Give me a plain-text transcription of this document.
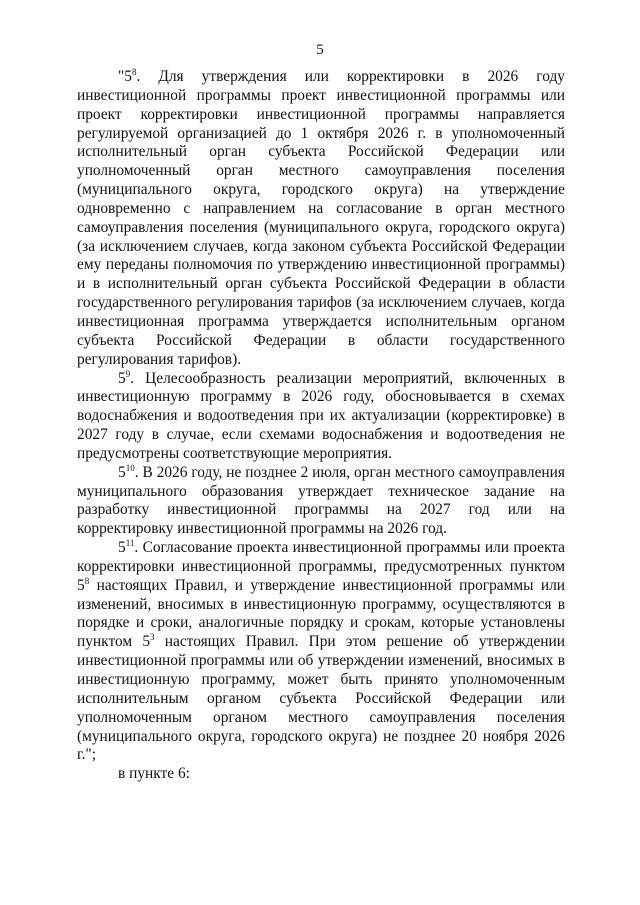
5

"$5^8$. Для утверждения или корректировки в 2026 году инвестиционной программы проект инвестиционной программы или проект корректировки инвестиционной программы направляется регулируемой организацией до 1 октября 2026 г. в уполномоченный исполнительный орган субъекта Российской Федерации или уполномоченный орган местного самоуправления поселения (муниципального округа, городского округа) на утверждение одновременно с направлением на согласование в орган местного самоуправления поселения (муниципального округа, городского округа) (за исключением случаев, когда законом субъекта Российской Федерации ему переданы полномочия по утверждению инвестиционной программы) и в исполнительный орган субъекта Российской Федерации в области государственного регулирования тарифов (за исключением случаев, когда инвестиционная программа утверждается исполнительным органом субъекта Российской Федерации в области государственного регулирования тарифов).

$5^9$. Целесообразность реализации мероприятий, включенных в инвестиционную программу в 2026 году, обосновывается в схемах водоснабжения и водоотведения при их актуализации (корректировке) в 2027 году в случае, если схемами водоснабжения и водоотведения не предусмотрены соответствующие мероприятия.

$5^{10}$. В 2026 году, не позднее 2 июля, орган местного самоуправления муниципального образования утверждает техническое задание на разработку инвестиционной программы на 2027 год или на корректировку инвестиционной программы на 2026 год.

$5^{11}$. Согласование проекта инвестиционной программы или проекта корректировки инвестиционной программы, предусмотренных пунктом $5^8$ настоящих Правил, и утверждение инвестиционной программы или изменений, вносимых в инвестиционную программу, осуществляются в порядке и сроки, аналогичные порядку и срокам, которые установлены пунктом $5^3$ настоящих Правил. При этом решение об утверждении инвестиционной программы или об утверждении изменений, вносимых в инвестиционную программу, может быть принято уполномоченным исполнительным органом субъекта Российской Федерации или уполномоченным органом местного самоуправления поселения (муниципального округа, городского округа) не позднее 20 ноября 2026 г.";

в пункте 6:
